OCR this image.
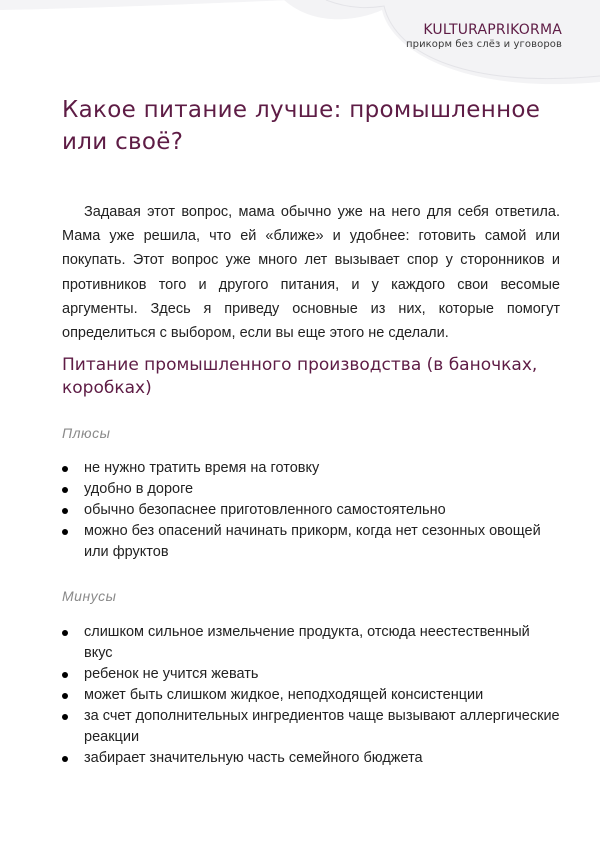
KULTURAPRIKORMA
прикорм без слёз и уговоров
Какое питание лучше: промышленное или своё?

Задавая этот вопрос, мама обычно уже на него для себя ответила. Мама уже решила, что ей «ближе» и удобнее: готовить самой или покупать. Этот вопрос уже много лет вызывает спор у сторонников и противников того и другого питания, и у каждого свои весомые аргументы. Здесь я приведу основные из них, которые помогут определиться с выбором, если вы еще этого не сделали.

Питание промышленного производства (в баночках, коробках)

Плюсы

не нужно тратить время на готовку
удобно в дороге
обычно безопаснее приготовленного самостоятельно
можно без опасений начинать прикорм, когда нет сезонных овощей или фруктов

Минусы

слишком сильное измельчение продукта, отсюда неестественный вкус
ребенок не учится жевать
может быть слишком жидкое, неподходящей консистенции
за счет дополнительных ингредиентов чаще вызывают аллергические реакции
забирает значительную часть семейного бюджета
